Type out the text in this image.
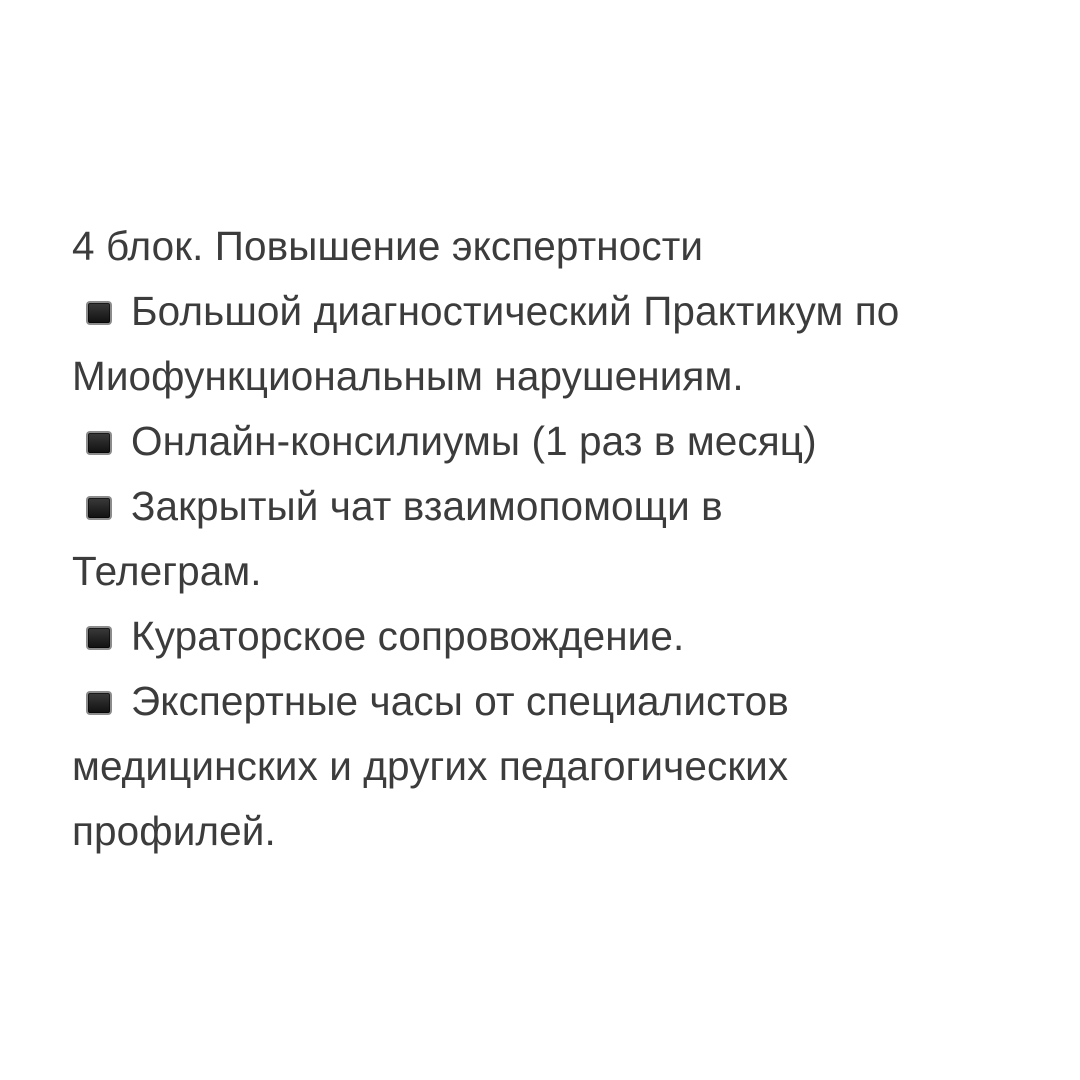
4 блок. Повышение экспертности
Большой диагностический Практикум по
Миофункциональным нарушениям.
Онлайн-консилиумы (1 раз в месяц)
Закрытый чат взаимопомощи в
Телеграм.
Кураторское сопровождение.
Экспертные часы от специалистов
медицинских и других педагогических
профилей.
